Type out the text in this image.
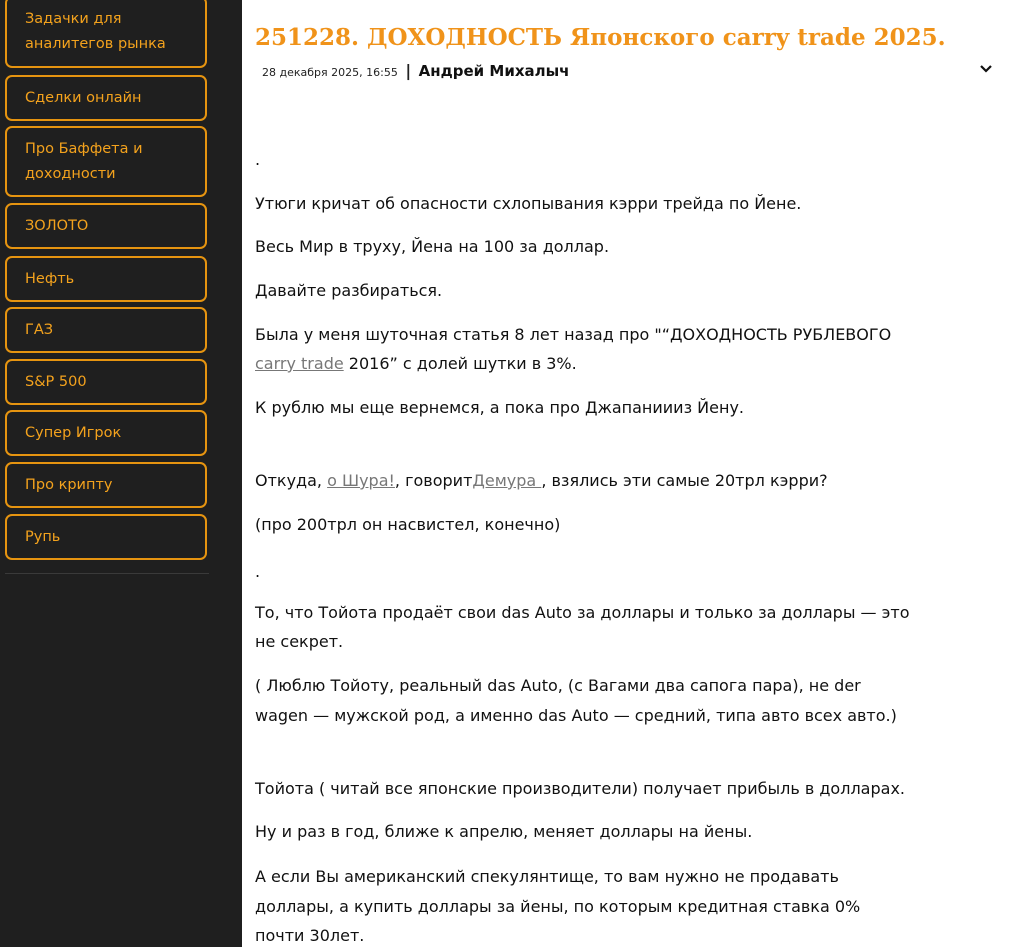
Задачки для
аналитегов рынка
Сделки онлайн
Про Баффета и
доходности
ЗОЛОТО
Нефть
ГАЗ
S&P 500
Супер Игрок
Про крипту
Рупь
251228. ДОХОДНОСТЬ Японского carry trade 2025.
28 декабря 2025, 16:55 | Андрей Михалыч
.
Утюги кричат об опасности схлопывания кэрри трейда по Йене.
Весь Мир в труху, Йена на 100 за доллар.
Давайте разбираться.
Была у меня шуточная статья 8 лет назад про "“ДОХОДНОСТЬ РУБЛЕВОГО
carry trade 2016” с долей шутки в 3%.
К рублю мы еще вернемся, а пока про Джапаниииз Йену.
Откуда, о Шура!, говоритДемура , взялись эти самые 20трл кэрри?
(про 200трл он насвистел, конечно)
.
То, что Тойота продаёт свои das Auto за доллары и только за доллары — это
не секрет.
( Люблю Тойоту, реальный das Auto, (с Вагами два сапога пара), не der
wagen — мужской род, а именно das Auto — средний, типа авто всех авто.)
Тойота ( читай все японские производители) получает прибыль в долларах.
Ну и раз в год, ближе к апрелю, меняет доллары на йены.
А если Вы американский спекулянтище, то вам нужно не продавать
доллары, а купить доллары за йены, по которым кредитная ставка 0%
почти 30лет.
